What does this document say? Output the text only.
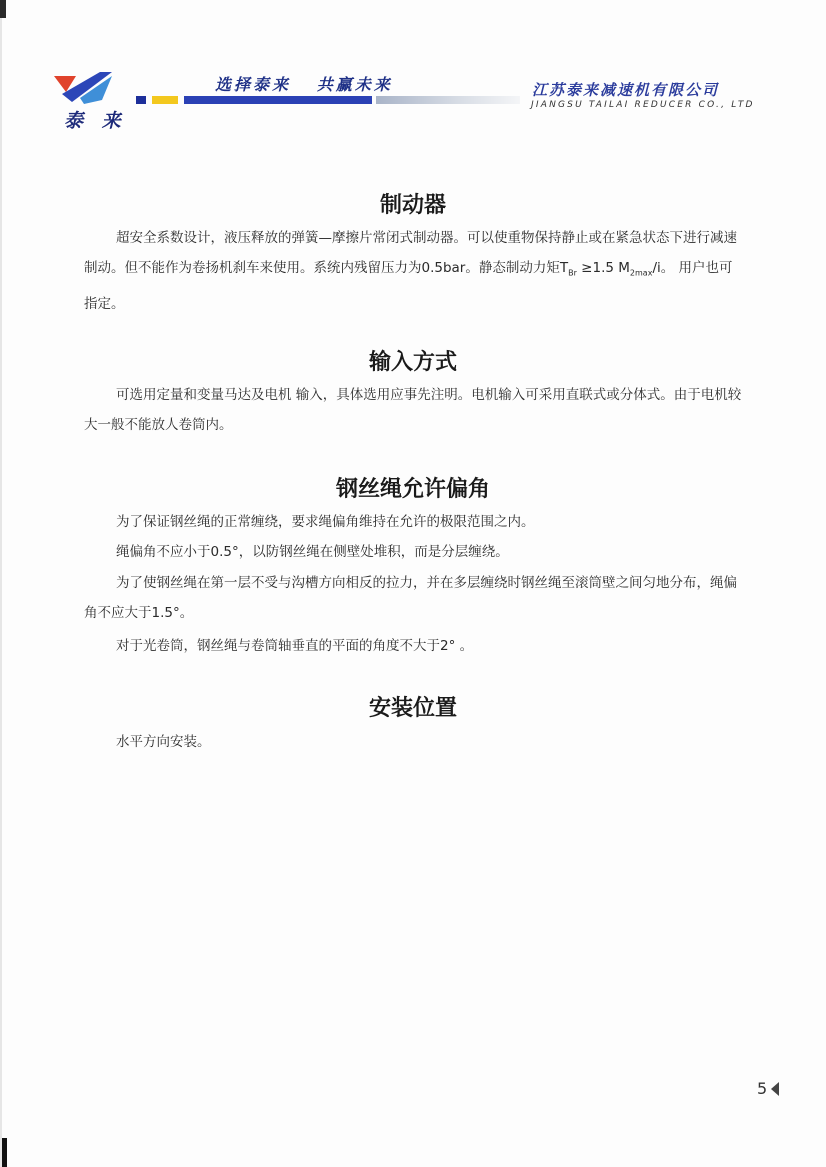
泰 来
选择泰来   共赢未来	江苏泰来减速机有限公司
JIANGSU TAILAI REDUCER CO., LTD
制动器
超安全系数设计，液压释放的弹簧—摩擦片常闭式制动器。可以使重物保持静止或在紧急状态下进行减速制动。但不能作为卷扬机刹车来使用。系统内残留压力为0.5bar。静态制动力矩$T_{Br} \ge 1.5$ $M_{2max}/i$。 用户也可指定。
输入方式
可选用定量和变量马达及电机 输入，具体选用应事先注明。电机输入可采用直联式或分体式。由于电机较大一般不能放人卷筒内。
钢丝绳允许偏角
为了保证钢丝绳的正常缠绕，要求绳偏角维持在允许的极限范围之内。
绳偏角不应小于0.5°，以防钢丝绳在侧壁处堆积，而是分层缠绕。
为了使钢丝绳在第一层不受与沟槽方向相反的拉力，并在多层缠绕时钢丝绳至滚筒壁之间匀地分布，绳偏角不应大于1.5°。
对于光卷筒，钢丝绳与卷筒轴垂直的平面的角度不大于2° 。
安装位置
水平方向安装。
5
